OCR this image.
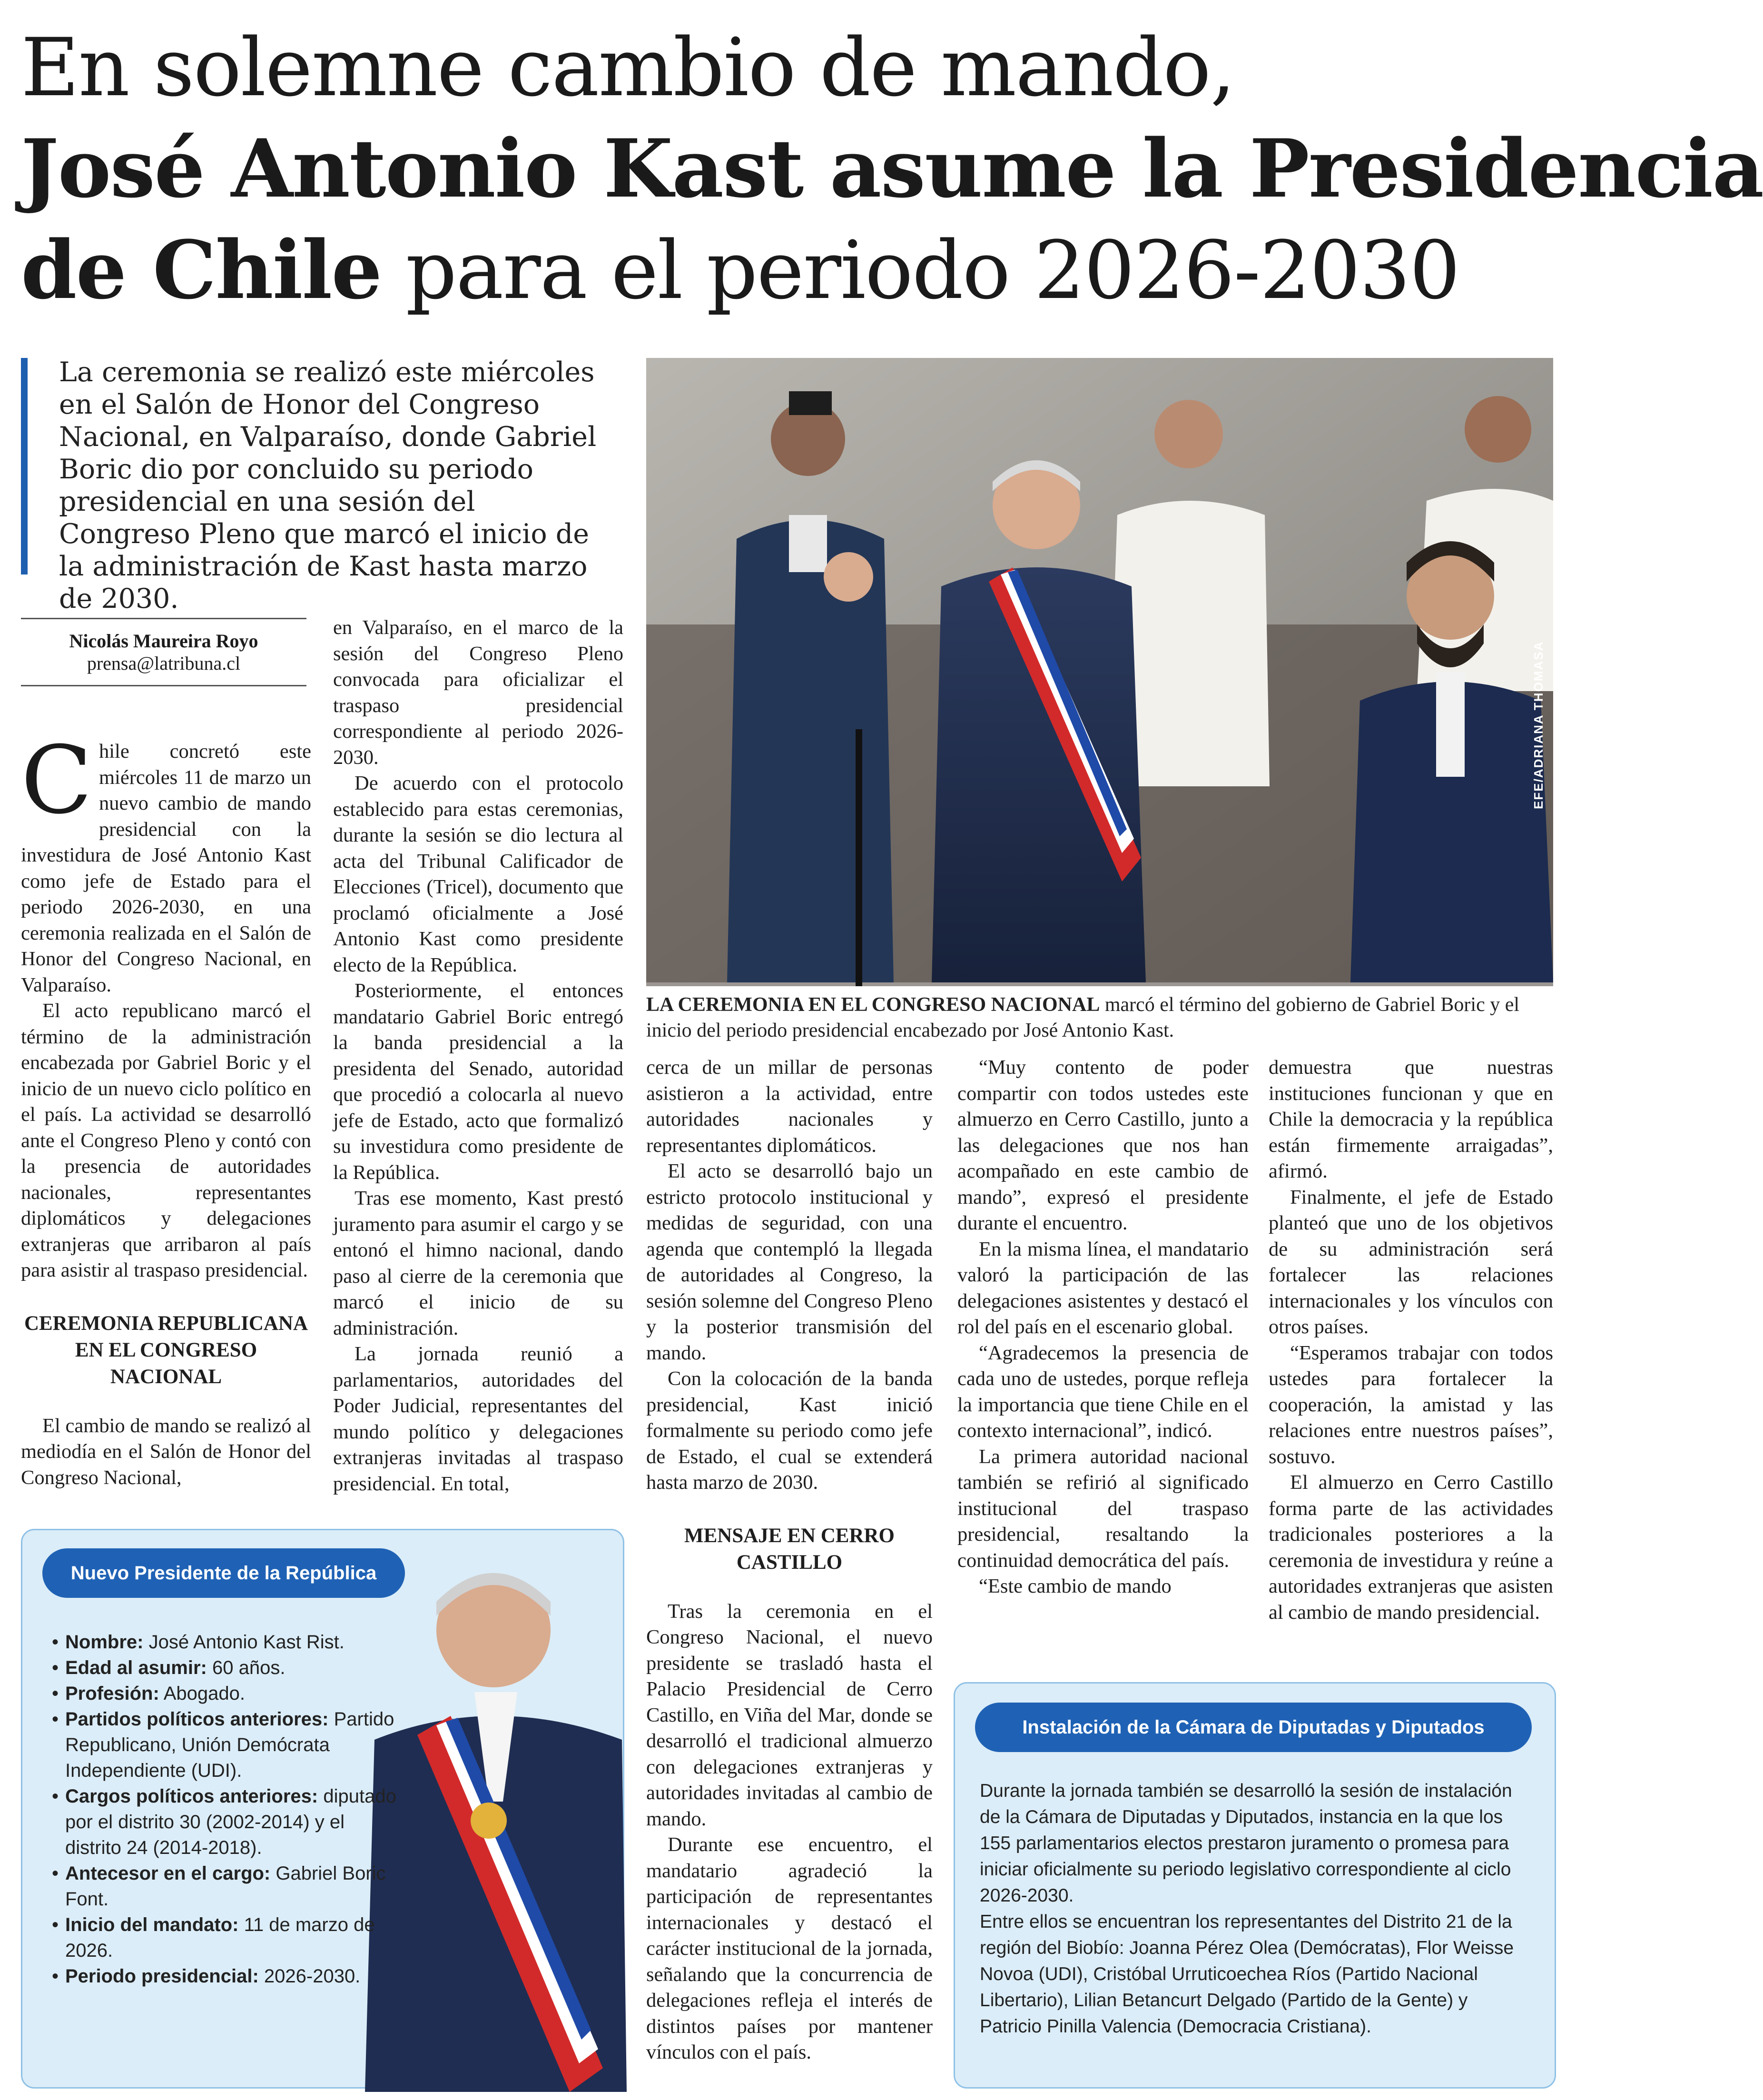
En solemne cambio de mando,
José Antonio Kast asume la Presidencia
de Chile para el periodo 2026-2030

La ceremonia se realizó este miércoles en el Salón de Honor del Congreso Nacional, en Valparaíso, donde Gabriel Boric dio por concluido su periodo presidencial en una sesión del Congreso Pleno que marcó el inicio de la administración de Kast hasta marzo de 2030.

Nicolás Maureira Royo
prensa@latribuna.cl

Chile concretó este miércoles 11 de marzo un nuevo cambio de mando presidencial con la investidura de José Antonio Kast como jefe de Estado para el periodo 2026-2030, en una ceremonia realizada en el Salón de Honor del Congreso Nacional, en Valparaíso.

El acto republicano marcó el término de la administración encabezada por Gabriel Boric y el inicio de un nuevo ciclo político en el país. La actividad se desarrolló ante el Congreso Pleno y contó con la presencia de autoridades nacionales, representantes diplomáticos y delegaciones extranjeras que arribaron al país para asistir al traspaso presidencial.

CEREMONIA REPUBLICANA EN EL CONGRESO NACIONAL

El cambio de mando se realizó al mediodía en el Salón de Honor del Congreso Nacional,

en Valparaíso, en el marco de la sesión del Congreso Pleno convocada para oficializar el traspaso presidencial correspondiente al periodo 2026-2030.

De acuerdo con el protocolo establecido para estas ceremonias, durante la sesión se dio lectura al acta del Tribunal Calificador de Elecciones (Tricel), documento que proclamó oficialmente a José Antonio Kast como presidente electo de la República.

Posteriormente, el entonces mandatario Gabriel Boric entregó la banda presidencial a la presidenta del Senado, autoridad que procedió a colocarla al nuevo jefe de Estado, acto que formalizó su investidura como presidente de la República.

Tras ese momento, Kast prestó juramento para asumir el cargo y se entonó el himno nacional, dando paso al cierre de la ceremonia que marcó el inicio de su administración.

La jornada reunió a parlamentarios, autoridades del Poder Judicial, representantes del mundo político y delegaciones extranjeras invitadas al traspaso presidencial. En total,

EFE/ADRIANA THOMASA

LA CEREMONIA EN EL CONGRESO NACIONAL marcó el término del gobierno de Gabriel Boric y el inicio del periodo presidencial encabezado por José Antonio Kast.

cerca de un millar de personas asistieron a la actividad, entre autoridades nacionales y representantes diplomáticos.

El acto se desarrolló bajo un estricto protocolo institucional y medidas de seguridad, con una agenda que contempló la llegada de autoridades al Congreso, la sesión solemne del Congreso Pleno y la posterior transmisión del mando.

Con la colocación de la banda presidencial, Kast inició formalmente su periodo como jefe de Estado, el cual se extenderá hasta marzo de 2030.

MENSAJE EN CERRO CASTILLO

Tras la ceremonia en el Congreso Nacional, el nuevo presidente se trasladó hasta el Palacio Presidencial de Cerro Castillo, en Viña del Mar, donde se desarrolló el tradicional almuerzo con delegaciones extranjeras y autoridades invitadas al cambio de mando.

Durante ese encuentro, el mandatario agradeció la participación de representantes internacionales y destacó el carácter institucional de la jornada, señalando que la concurrencia de delegaciones refleja el interés de distintos países por mantener vínculos con el país.

“Muy contento de poder compartir con todos ustedes este almuerzo en Cerro Castillo, junto a las delegaciones que nos han acompañado en este cambio de mando”, expresó el presidente durante el encuentro.

En la misma línea, el mandatario valoró la participación de las delegaciones asistentes y destacó el rol del país en el escenario global.

“Agradecemos la presencia de cada uno de ustedes, porque refleja la importancia que tiene Chile en el contexto internacional”, indicó.

La primera autoridad nacional también se refirió al significado institucional del traspaso presidencial, resaltando la continuidad democrática del país.

“Este cambio de mando

demuestra que nuestras instituciones funcionan y que en Chile la democracia y la república están firmemente arraigadas”, afirmó.

Finalmente, el jefe de Estado planteó que uno de los objetivos de su administración será fortalecer las relaciones internacionales y los vínculos con otros países.

“Esperamos trabajar con todos ustedes para fortalecer la cooperación, la amistad y las relaciones entre nuestros países”, sostuvo.

El almuerzo en Cerro Castillo forma parte de las actividades tradicionales posteriores a la ceremonia de investidura y reúne a autoridades extranjeras que asisten al cambio de mando presidencial.

Nuevo Presidente de la República
• Nombre: José Antonio Kast Rist.
• Edad al asumir: 60 años.
• Profesión: Abogado.
• Partidos políticos anteriores: Partido Republicano, Unión Demócrata Independiente (UDI).
• Cargos políticos anteriores: diputado por el distrito 30 (2002-2014) y el distrito 24 (2014-2018).
• Antecesor en el cargo: Gabriel Boric Font.
• Inicio del mandato: 11 de marzo de 2026.
• Periodo presidencial: 2026-2030.
Instalación de la Cámara de Diputadas y Diputados

Durante la jornada también se desarrolló la sesión de instalación de la Cámara de Diputadas y Diputados, instancia en la que los 155 parlamentarios electos prestaron juramento o promesa para iniciar oficialmente su periodo legislativo correspondiente al ciclo 2026-2030.

Entre ellos se encuentran los representantes del Distrito 21 de la región del Biobío: Joanna Pérez Olea (Demócratas), Flor Weisse Novoa (UDI), Cristóbal Urruticoechea Ríos (Partido Nacional Libertario), Lilian Betancurt Delgado (Partido de la Gente) y Patricio Pinilla Valencia (Democracia Cristiana).
